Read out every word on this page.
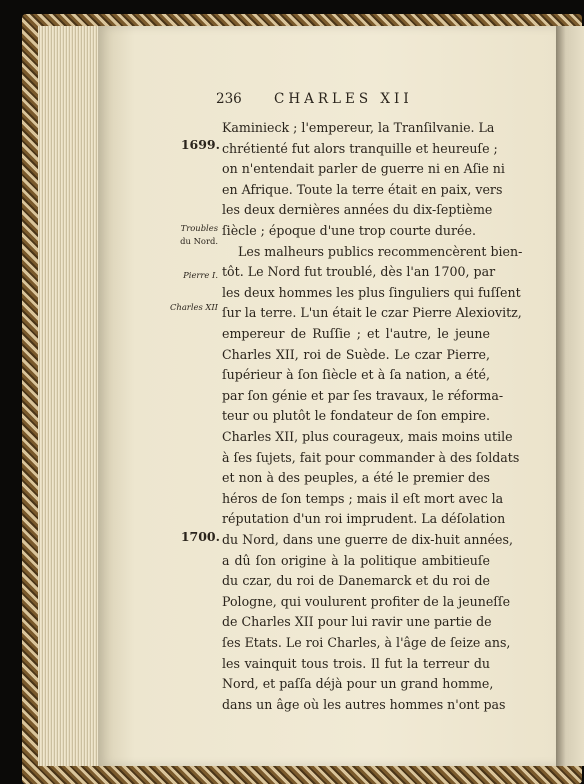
236 CHARLES XII
1699.
Troubles
du Nord.
Pierre I.
Charles XII
1700.
Kaminieck ; l'empereur, la Tranſilvanie. La
chrétienté fut alors tranquille et heureuſe ;
on n'entendait parler de guerre ni en Aſie ni
en Afrique. Toute la terre était en paix, vers
les deux dernières années du dix-ſeptième
ſiècle ; époque d'une trop courte durée.
Les malheurs publics recommencèrent bien-
tôt. Le Nord fut troublé, dès l'an 1700, par
les deux hommes les plus ſinguliers qui fuſſent
ſur la terre. L'un était le czar Pierre Alexiovitz,
empereur de Ruſſie ; et l'autre, le jeune
Charles XII, roi de Suède. Le czar Pierre,
ſupérieur à ſon ſiècle et à ſa nation, a été,
par ſon génie et par ſes travaux, le réforma-
teur ou plutôt le fondateur de ſon empire.
Charles XII, plus courageux, mais moins utile
à ſes ſujets, fait pour commander à des ſoldats
et non à des peuples, a été le premier des
héros de ſon temps ; mais il eſt mort avec la
réputation d'un roi imprudent. La déſolation
du Nord, dans une guerre de dix-huit années,
a dû ſon origine à la politique ambitieuſe
du czar, du roi de Danemarck et du roi de
Pologne, qui voulurent profiter de la jeuneſſe
de Charles XII pour lui ravir une partie de
ſes Etats. Le roi Charles, à l'âge de ſeize ans,
les vainquit tous trois. Il fut la terreur du
Nord, et paſſa déjà pour un grand homme,
dans un âge où les autres hommes n'ont pas
